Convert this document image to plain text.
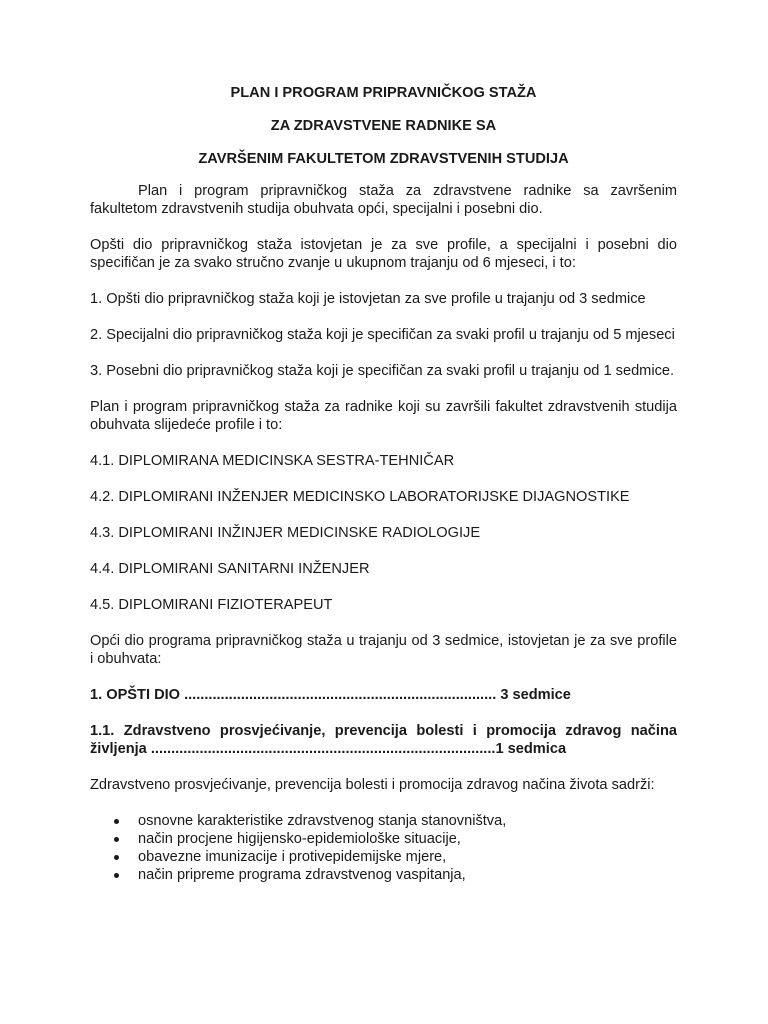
PLAN I PROGRAM PRIPRAVNIČKOG STAŽA
ZA ZDRAVSTVENE RADNIKE SA
ZAVRŠENIM FAKULTETOM ZDRAVSTVENIH STUDIJA

Plan i program pripravničkog staža za zdravstvene radnike sa završenim fakultetom zdravstvenih studija obuhvata opći, specijalni i posebni dio.

Opšti dio pripravničkog staža istovjetan je za sve profile, a specijalni i posebni dio specifičan je za svako stručno zvanje u ukupnom trajanju od 6 mjeseci, i to:

1. Opšti dio pripravničkog staža koji je istovjetan za sve profile u trajanju od 3 sedmice

2. Specijalni dio pripravničkog staža koji je specifičan za svaki profil u trajanju od 5 mjeseci

3. Posebni dio pripravničkog staža koji je specifičan za svaki profil u trajanju od 1 sedmice.

Plan i program pripravničkog staža za radnike koji su završili fakultet zdravstvenih studija obuhvata slijedeće profile i to:

4.1. DIPLOMIRANA MEDICINSKA SESTRA-TEHNIČAR

4.2. DIPLOMIRANI INŽENJER MEDICINSKO LABORATORIJSKE DIJAGNOSTIKE

4.3. DIPLOMIRANI INŽINJER MEDICINSKE RADIOLOGIJE

4.4. DIPLOMIRANI SANITARNI INŽENJER

4.5. DIPLOMIRANI FIZIOTERAPEUT

Opći dio programa pripravničkog staža u trajanju od 3 sedmice, istovjetan je za sve profile i obuhvata:

1. OPŠTI DIO ............................................................................. 3 sedmice

1.1. Zdravstveno prosvjećivanje, prevencija bolesti i promocija zdravog načina življenja .....................................................................................1 sedmica

Zdravstveno prosvjećivanje, prevencija bolesti i promocija zdravog načina života sadrži:

osnovne karakteristike zdravstvenog stanja stanovništva,
način procjene higijensko-epidemiološke situacije,
obavezne imunizacije i protivepidemijske mjere,
način pripreme programa zdravstvenog vaspitanja,
